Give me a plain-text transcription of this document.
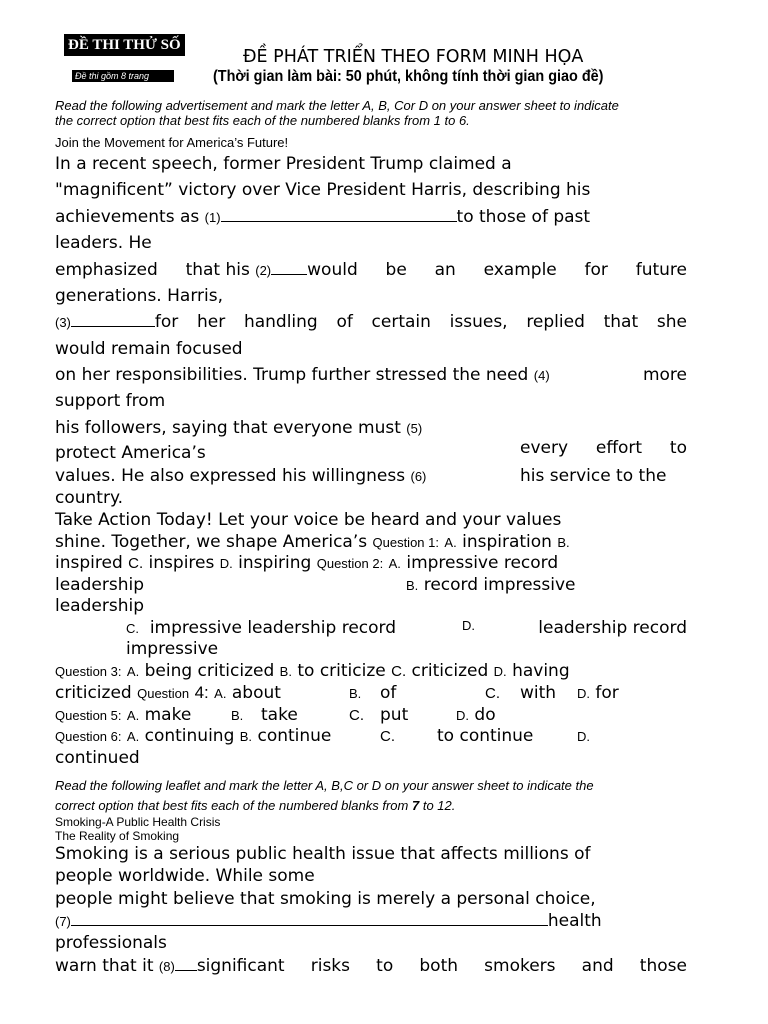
ĐỀ THI THỬ SỐ 1
Đề thi gồm 8 trang
ĐỀ PHÁT TRIỂN THEO FORM MINH HỌA
(Thời gian làm bài: 50 phút, không tính thời gian giao đề)
Read the following advertisement and mark the letter A, B, Cor D on your answer sheet to indicate
the correct option that best fits each of the numbered blanks from 1 to 6.
Join the Movement for America’s Future!
In a recent speech, former President Trump claimed a
"magnificent” victory over Vice President Harris, describing his
achievements as (1)	to those of past
leaders. He
emphasized that his (2) would be an example for future
generations. Harris,
(3)	for her handling of certain issues, replied that she
would remain focused
on her responsibilities. Trump further stressed the need (4)	more
support from
his followers, saying that everyone must (5)
every effort to
protect America’s
values. He also expressed his willingness (6)	his service to the
country.
Take Action Today! Let your voice be heard and your values
shine. Together, we shape America’s Question 1: A. inspiration B.
inspired C. inspires D. inspiring Question 2: A. impressive record
leadership	B. record impressive
leadership
C. impressive leadership record	D.	leadership record
impressive
Question 3: A. being criticized B. to criticize C. criticized D. having
criticized Question 4: A. about	B. of	C. with D. for
Question 5: A. make	B. take	C. put	D. do
Question 6: A. continuing B. continue	C. to continue	D.
continued
Read the following leaflet and mark the letter A, B,C or D on your answer sheet to indicate the
correct option that best fits each of the numbered blanks from 7 to 12.
Smoking-A Public Health Crisis
The Reality of Smoking
Smoking is a serious public health issue that affects millions of
people worldwide. While some
people might believe that smoking is merely a personal choice,
(7)	health
professionals
warn that it (8) significant risks to both smokers and those
